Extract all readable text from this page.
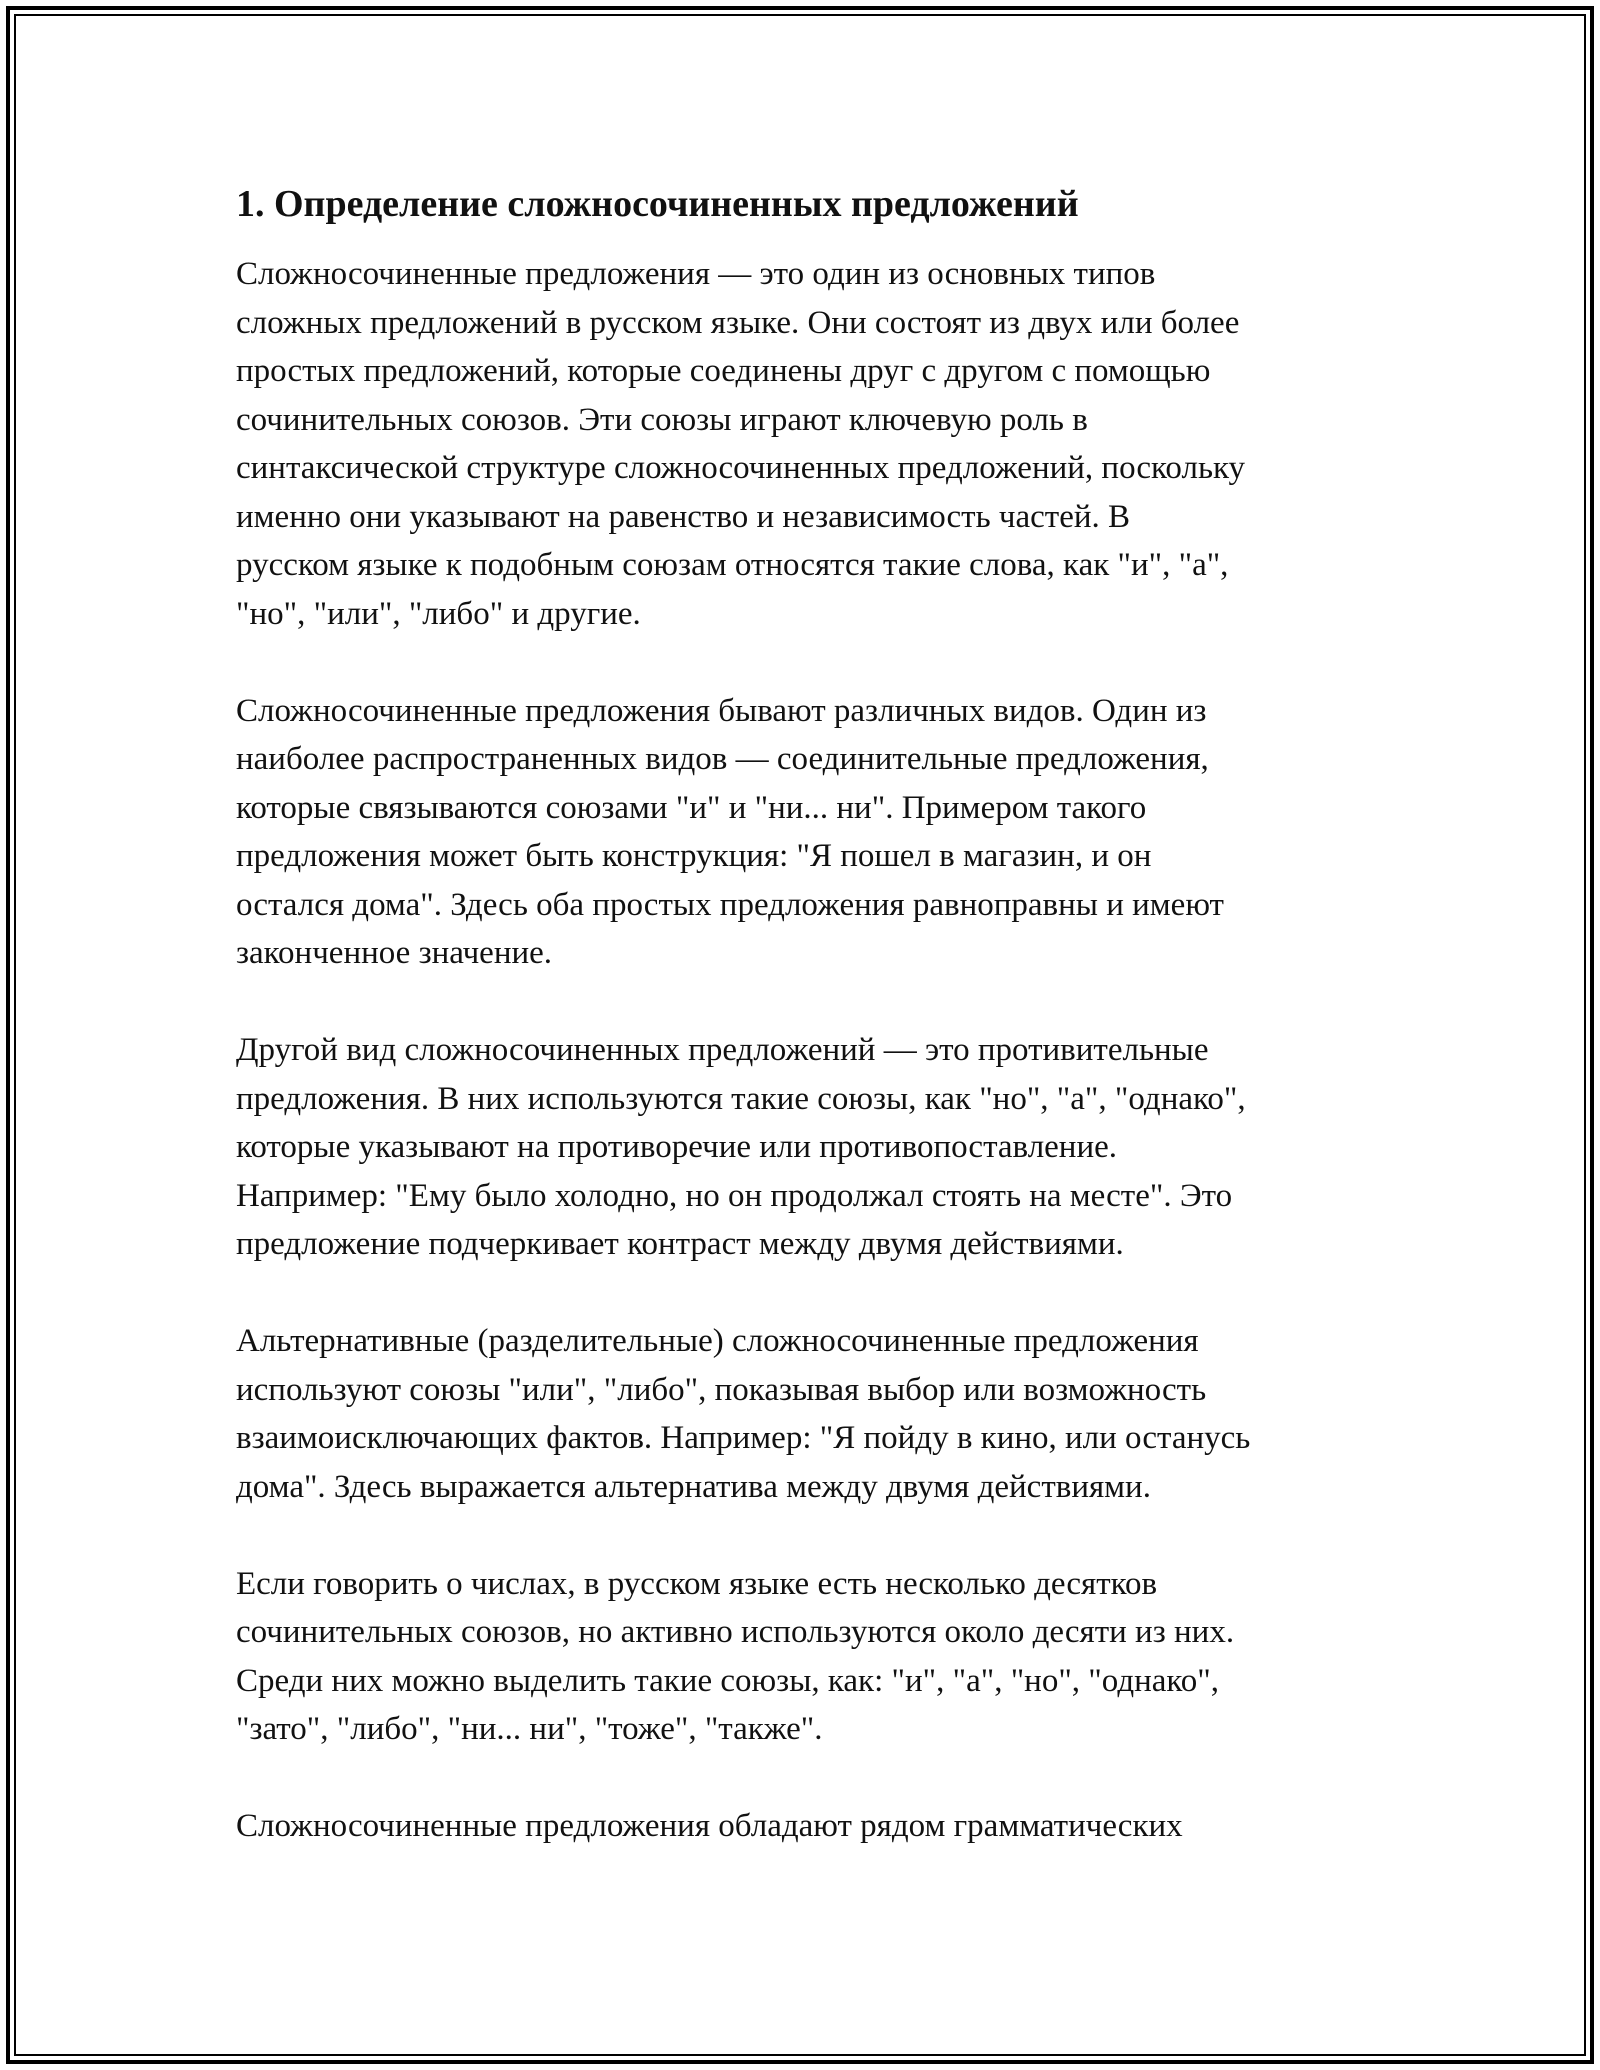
1. Определение сложносочиненных предложений

Сложносочиненные предложения — это один из основных типов
сложных предложений в русском языке. Они состоят из двух или более
простых предложений, которые соединены друг с другом с помощью
сочинительных союзов. Эти союзы играют ключевую роль в
синтаксической структуре сложносочиненных предложений, поскольку
именно они указывают на равенство и независимость частей. В
русском языке к подобным союзам относятся такие слова, как "и", "а",
"но", "или", "либо" и другие.

Сложносочиненные предложения бывают различных видов. Один из
наиболее распространенных видов — соединительные предложения,
которые связываются союзами "и" и "ни... ни". Примером такого
предложения может быть конструкция: "Я пошел в магазин, и он
остался дома". Здесь оба простых предложения равноправны и имеют
законченное значение.

Другой вид сложносочиненных предложений — это противительные
предложения. В них используются такие союзы, как "но", "а", "однако",
которые указывают на противоречие или противопоставление.
Например: "Ему было холодно, но он продолжал стоять на месте". Это
предложение подчеркивает контраст между двумя действиями.

Альтернативные (разделительные) сложносочиненные предложения
используют союзы "или", "либо", показывая выбор или возможность
взаимоисключающих фактов. Например: "Я пойду в кино, или останусь
дома". Здесь выражается альтернатива между двумя действиями.

Если говорить о числах, в русском языке есть несколько десятков
сочинительных союзов, но активно используются около десяти из них.
Среди них можно выделить такие союзы, как: "и", "а", "но", "однако",
"зато", "либо", "ни... ни", "тоже", "также".

Сложносочиненные предложения обладают рядом грамматических
